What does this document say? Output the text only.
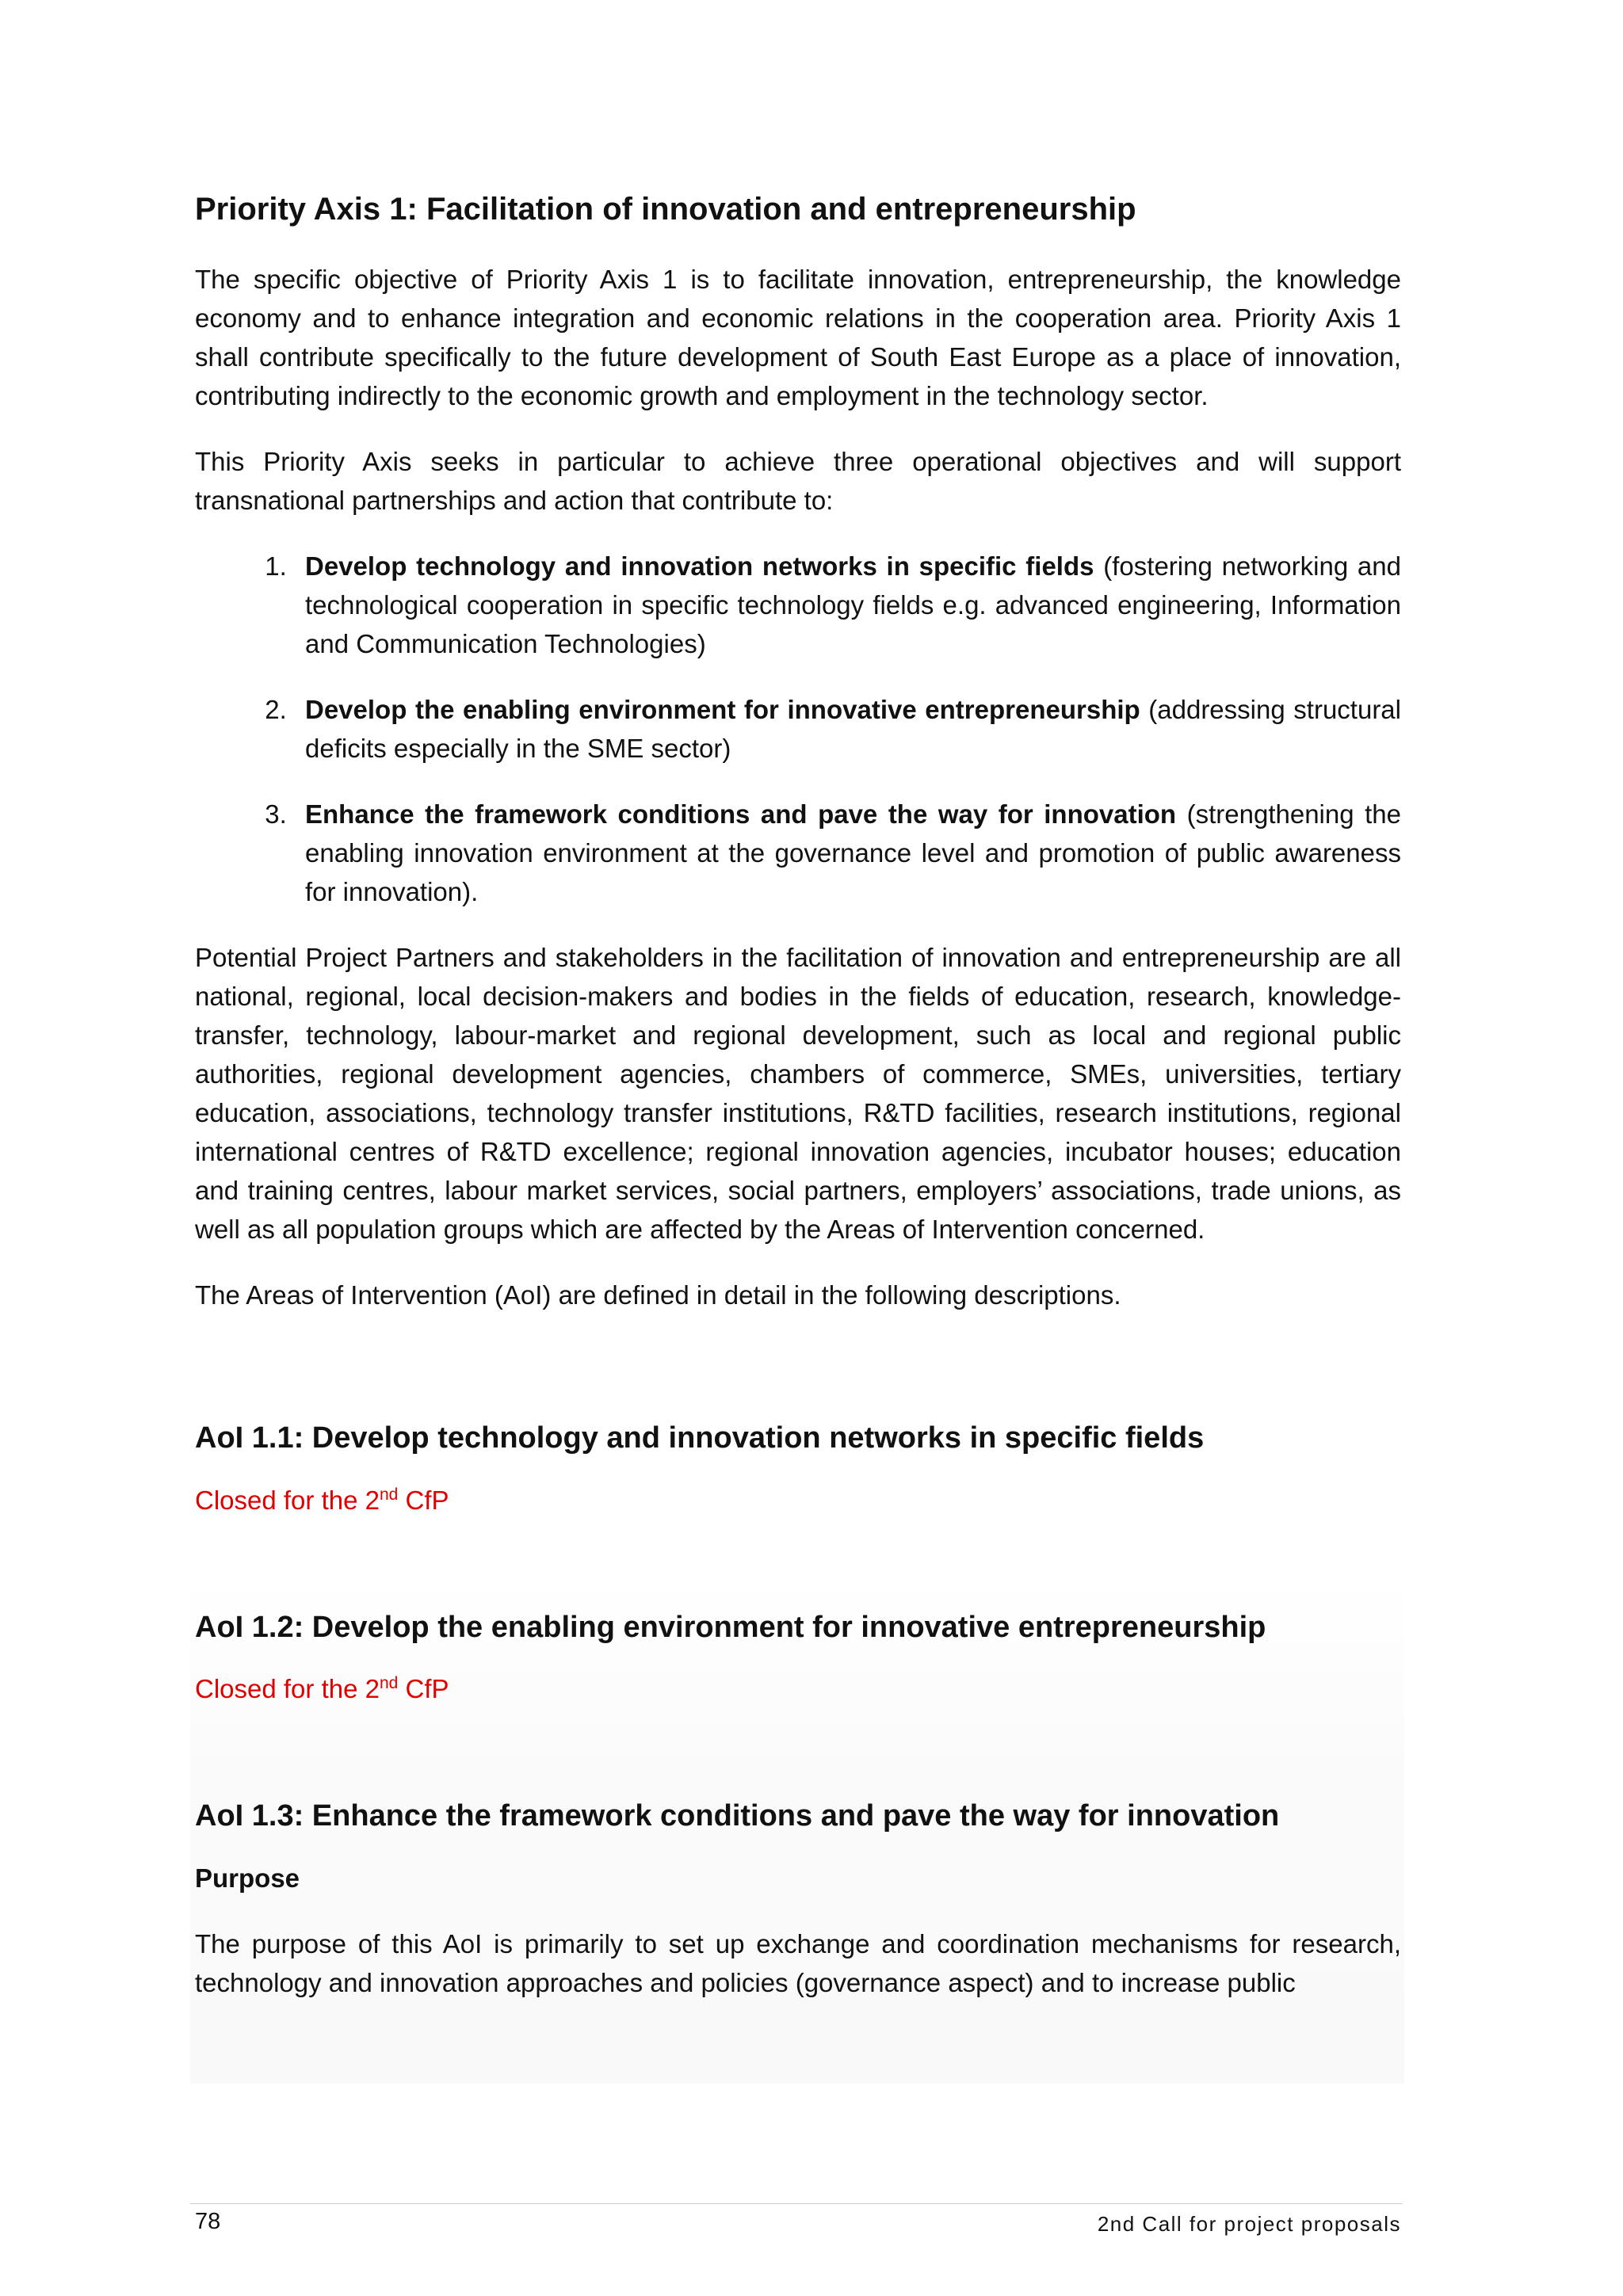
Priority Axis 1: Facilitation of innovation and entrepreneurship

The specific objective of Priority Axis 1 is to facilitate innovation, entrepreneurship, the knowledge economy and to enhance integration and economic relations in the cooperation area. Priority Axis 1 shall contribute specifically to the future development of South East Europe as a place of innovation, contributing indirectly to the economic growth and employment in the technology sector.

This Priority Axis seeks in particular to achieve three operational objectives and will support transnational partnerships and action that contribute to:

1. Develop technology and innovation networks in specific fields (fostering networking and technological cooperation in specific technology fields e.g. advanced engineering, Information and Communication Technologies)
2. Develop the enabling environment for innovative entrepreneurship (addressing structural deficits especially in the SME sector)
3. Enhance the framework conditions and pave the way for innovation (strengthening the enabling innovation environment at the governance level and promotion of public awareness for innovation).

Potential Project Partners and stakeholders in the facilitation of innovation and entrepreneurship are all national, regional, local decision-makers and bodies in the fields of education, research, knowledge-transfer, technology, labour-market and regional development, such as local and regional public authorities, regional development agencies, chambers of commerce, SMEs, universities, tertiary education, associations, technology transfer institutions, R&TD facilities, research institutions, regional international centres of R&TD excellence; regional innovation agencies, incubator houses; education and training centres, labour market services, social partners, employers’ associations, trade unions, as well as all population groups which are affected by the Areas of Intervention concerned.

The Areas of Intervention (AoI) are defined in detail in the following descriptions.

AoI 1.1: Develop technology and innovation networks in specific fields

Closed for the 2nd CfP

AoI 1.2: Develop the enabling environment for innovative entrepreneurship

Closed for the 2nd CfP

AoI 1.3: Enhance the framework conditions and pave the way for innovation

Purpose

The purpose of this AoI is primarily to set up exchange and coordination mechanisms for research, technology and innovation approaches and policies (governance aspect) and to increase public

78	2nd Call for project proposals
